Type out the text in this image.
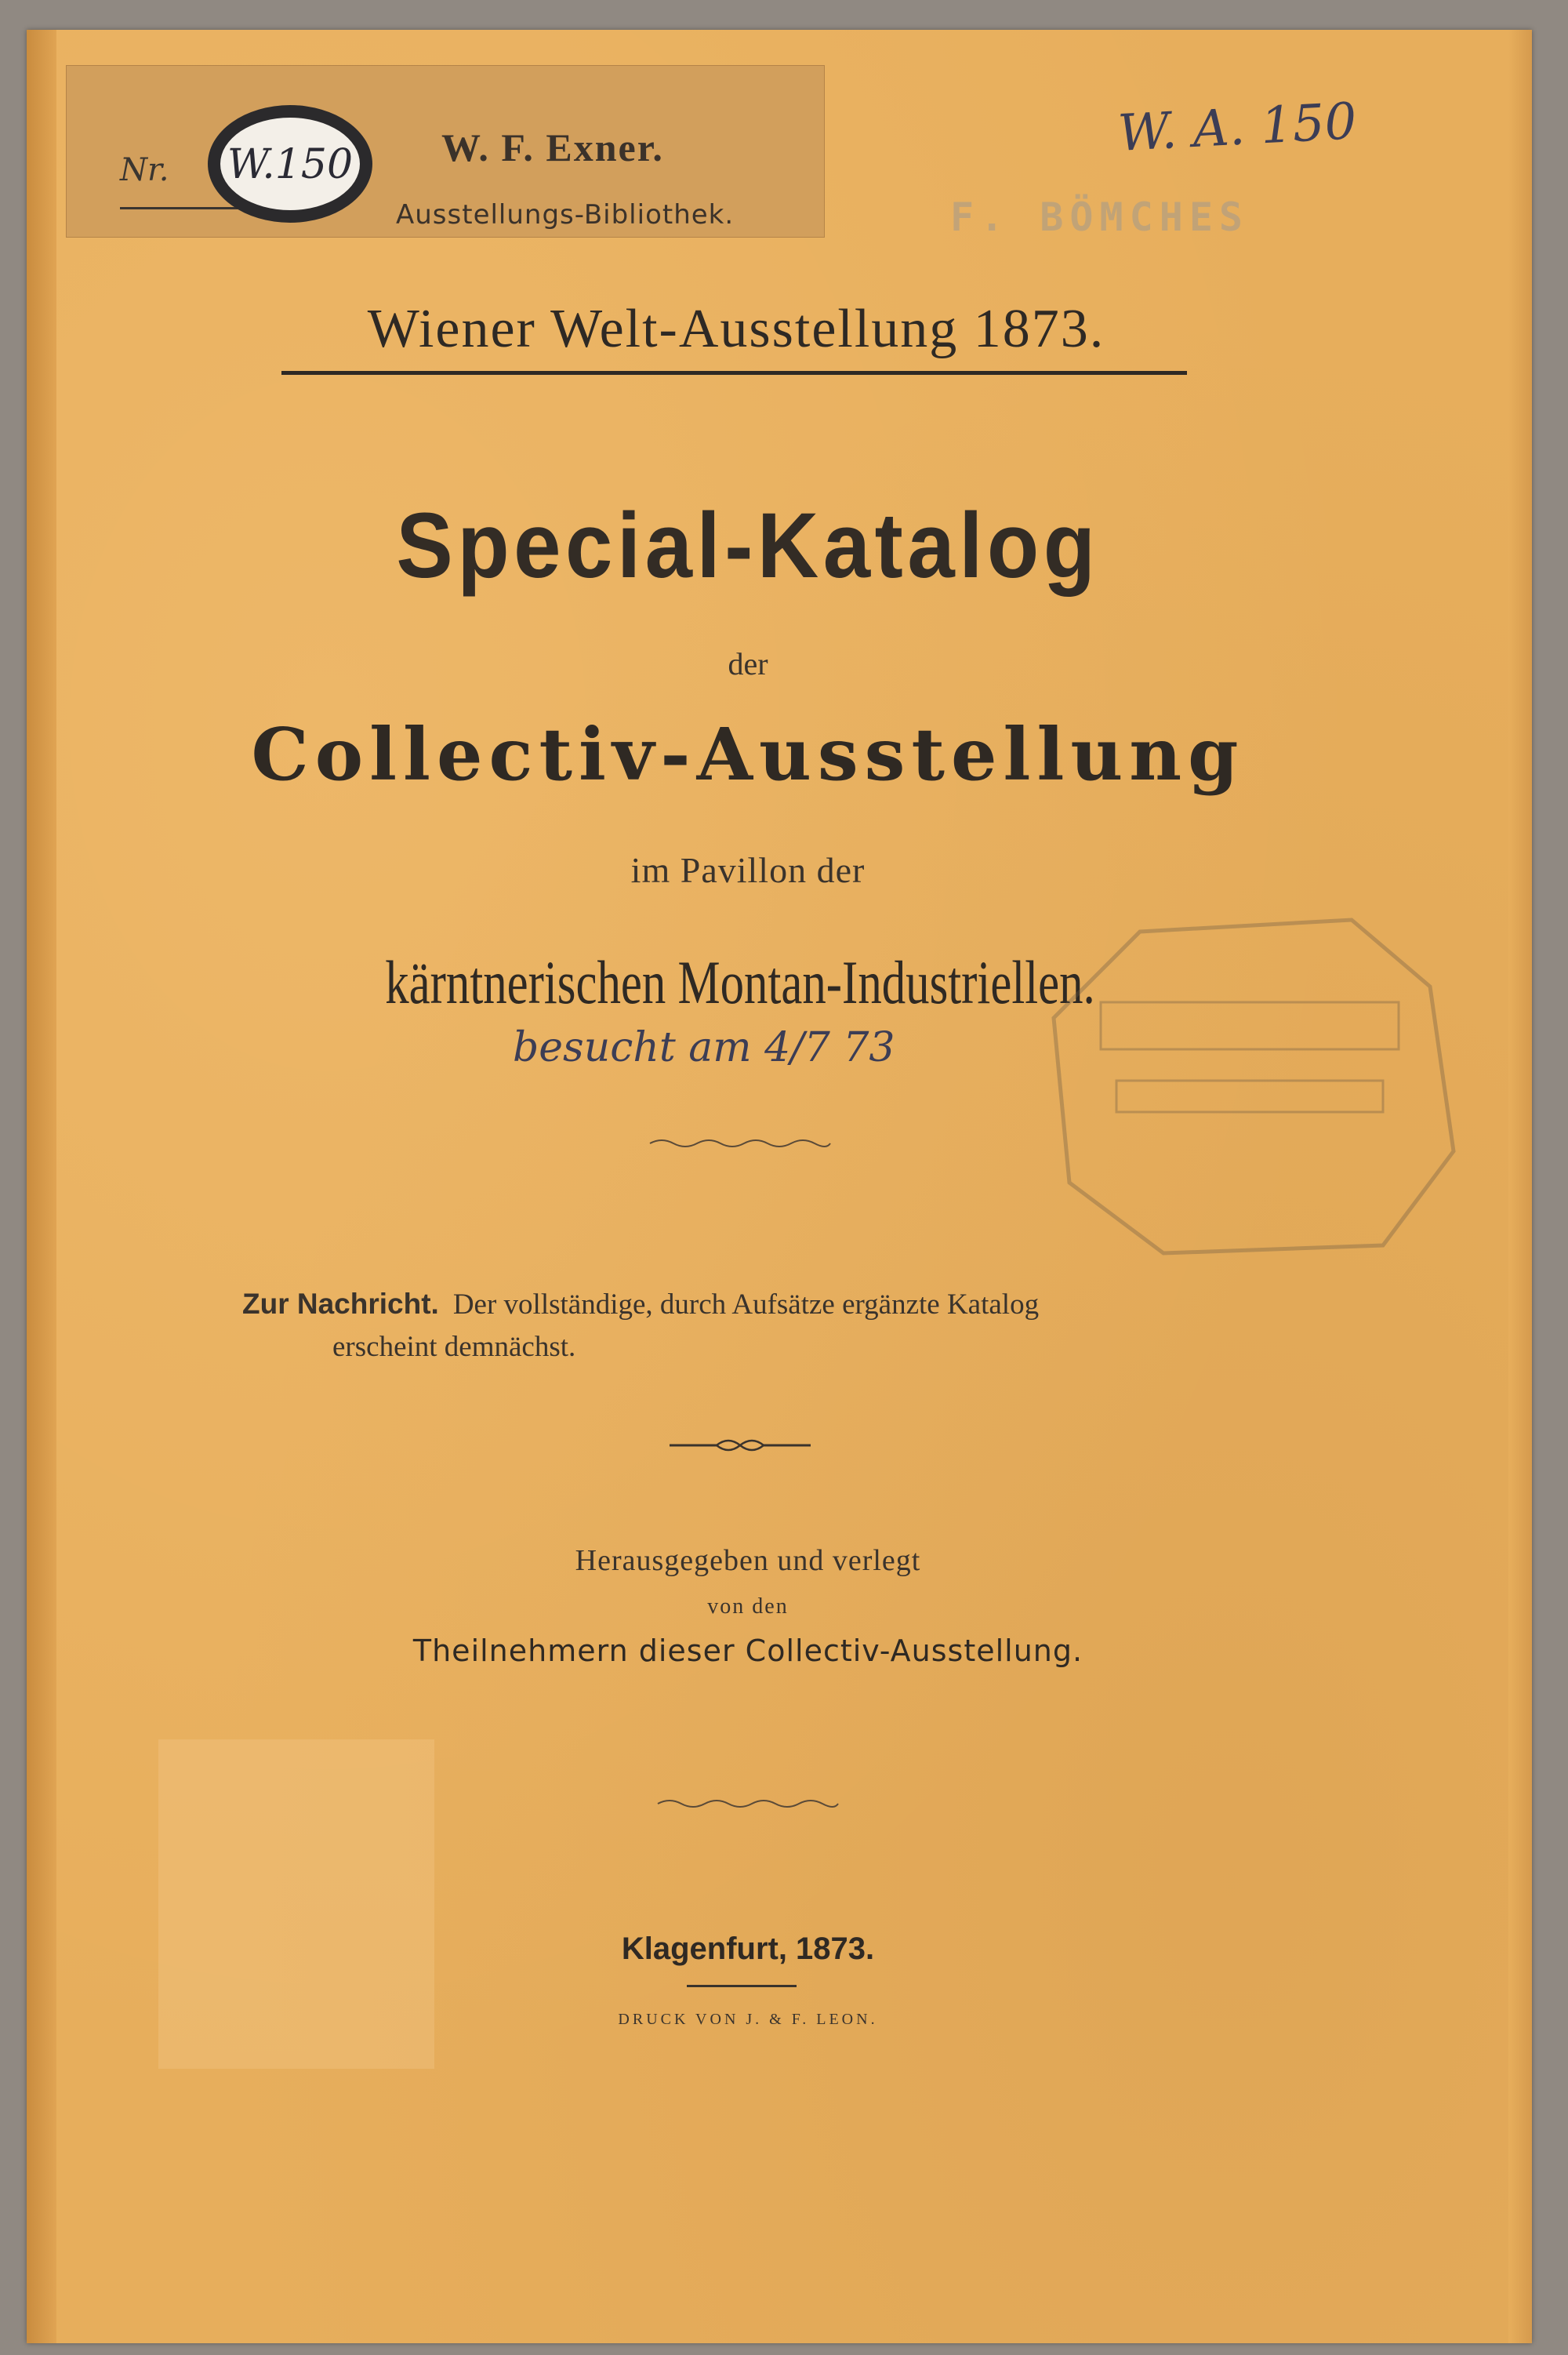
Nr. W.150 W. F. Exner.
Ausstellungs-Bibliothek.
W. A. 150
F. BÖMCHES
Wiener Welt-Ausstellung 1873.
Special-Katalog
der
Collectiv-Ausstellung
im Pavillon der
kärntnerischen Montan-Industriellen.
besucht am 4/7 73
Zur Nachricht. Der vollständige, durch Aufsätze ergänzte Katalog
erscheint demnächst.
Herausgegeben und verlegt
von den
Theilnehmern dieser Collectiv-Ausstellung.
Klagenfurt, 1873.
DRUCK VON J. & F. LEON.
